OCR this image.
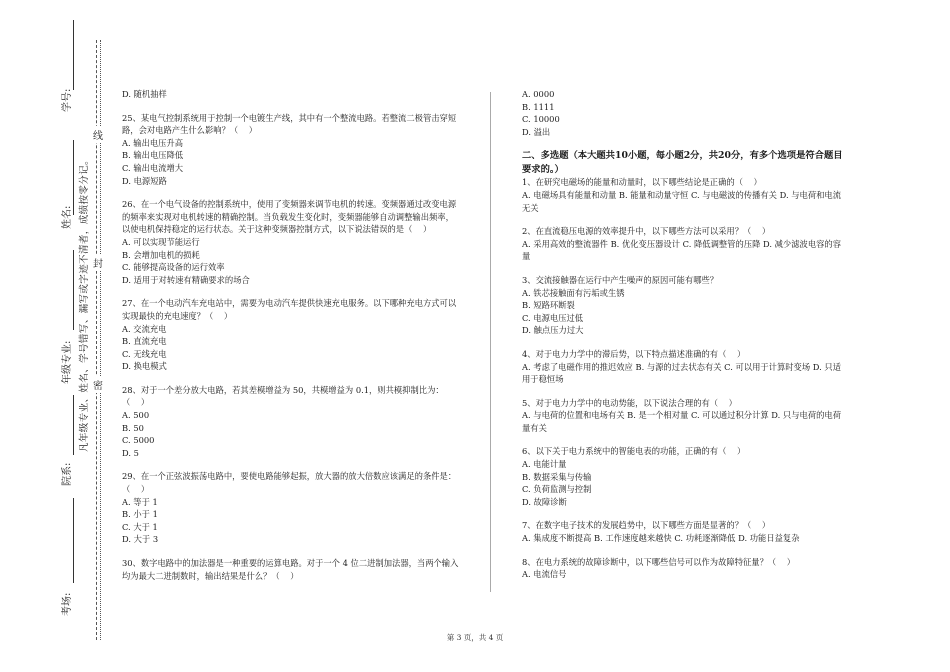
学号:
姓名:
年级专业:
院系:
考场:
凡年级专业、姓名、学号错写、漏写或字迹不清者，成绩按零分记。
线
封
密

D. 随机抽样

25、某电气控制系统用于控制一个电镀生产线，其中有一个整流电路。若整流二极管击穿短
路，会对电路产生什么影响？（    ）

A. 输出电压升高

B. 输出电压降低

C. 输出电流增大

D. 电源短路

26、在一个电气设备的控制系统中，使用了变频器来调节电机的转速。变频器通过改变电源
的频率来实现对电机转速的精确控制。当负载发生变化时，变频器能够自动调整输出频率，
以使电机保持稳定的运行状态。关于这种变频器控制方式，以下说法错误的是（    ）

A. 可以实现节能运行

B. 会增加电机的损耗

C. 能够提高设备的运行效率

D. 适用于对转速有精确要求的场合

27、在一个电动汽车充电站中，需要为电动汽车提供快速充电服务。以下哪种充电方式可以
实现最快的充电速度？（    ）

A. 交流充电

B. 直流充电

C. 无线充电

D. 换电模式

28、对于一个差分放大电路，若其差模增益为 50，共模增益为 0.1，则共模抑制比为：
（    ）

A. 500

B. 50

C. 5000

D. 5

29、在一个正弦波振荡电路中，要使电路能够起振，放大器的放大倍数应该满足的条件是：
（    ）

A. 等于 1

B. 小于 1

C. 大于 1

D. 大于 3

30、数字电路中的加法器是一种重要的运算电路。对于一个 4 位二进制加法器，当两个输入
均为最大二进制数时，输出结果是什么？（    ）

A. 0000

B. 1111

C. 10000

D. 溢出

二、多选题（本大题共10小题，每小题2分，共20分，有多个选项是符合题目
要求的。）

1、在研究电磁场的能量和动量时，以下哪些结论是正确的（    ）

A. 电磁场具有能量和动量 B. 能量和动量守恒 C. 与电磁波的传播有关 D. 与电荷和电流

无关

2、在直流稳压电源的效率提升中，以下哪些方法可以采用？（    ）

A. 采用高效的整流器件 B. 优化变压器设计 C. 降低调整管的压降 D. 减少滤波电容的容

量

3、交流接触器在运行中产生噪声的原因可能有哪些？

A. 铁芯接触面有污垢或生锈

B. 短路环断裂

C. 电源电压过低

D. 触点压力过大

4、对于电力力学中的滞后势，以下特点描述准确的有（    ）

A. 考虑了电磁作用的推迟效应 B. 与源的过去状态有关 C. 可以用于计算时变场 D. 只适

用于稳恒场

5、对于电力力学中的电动势能，以下说法合理的有（    ）

A. 与电荷的位置和电场有关 B. 是一个相对量 C. 可以通过积分计算 D. 只与电荷的电荷

量有关

6、以下关于电力系统中的智能电表的功能，正确的有（    ）

A. 电能计量

B. 数据采集与传输

C. 负荷监测与控制

D. 故障诊断

7、在数字电子技术的发展趋势中，以下哪些方面是显著的？（    ）

A. 集成度不断提高 B. 工作速度越来越快 C. 功耗逐渐降低 D. 功能日益复杂

8、在电力系统的故障诊断中，以下哪些信号可以作为故障特征量？（    ）

A. 电流信号

第 3 页，共 4 页
